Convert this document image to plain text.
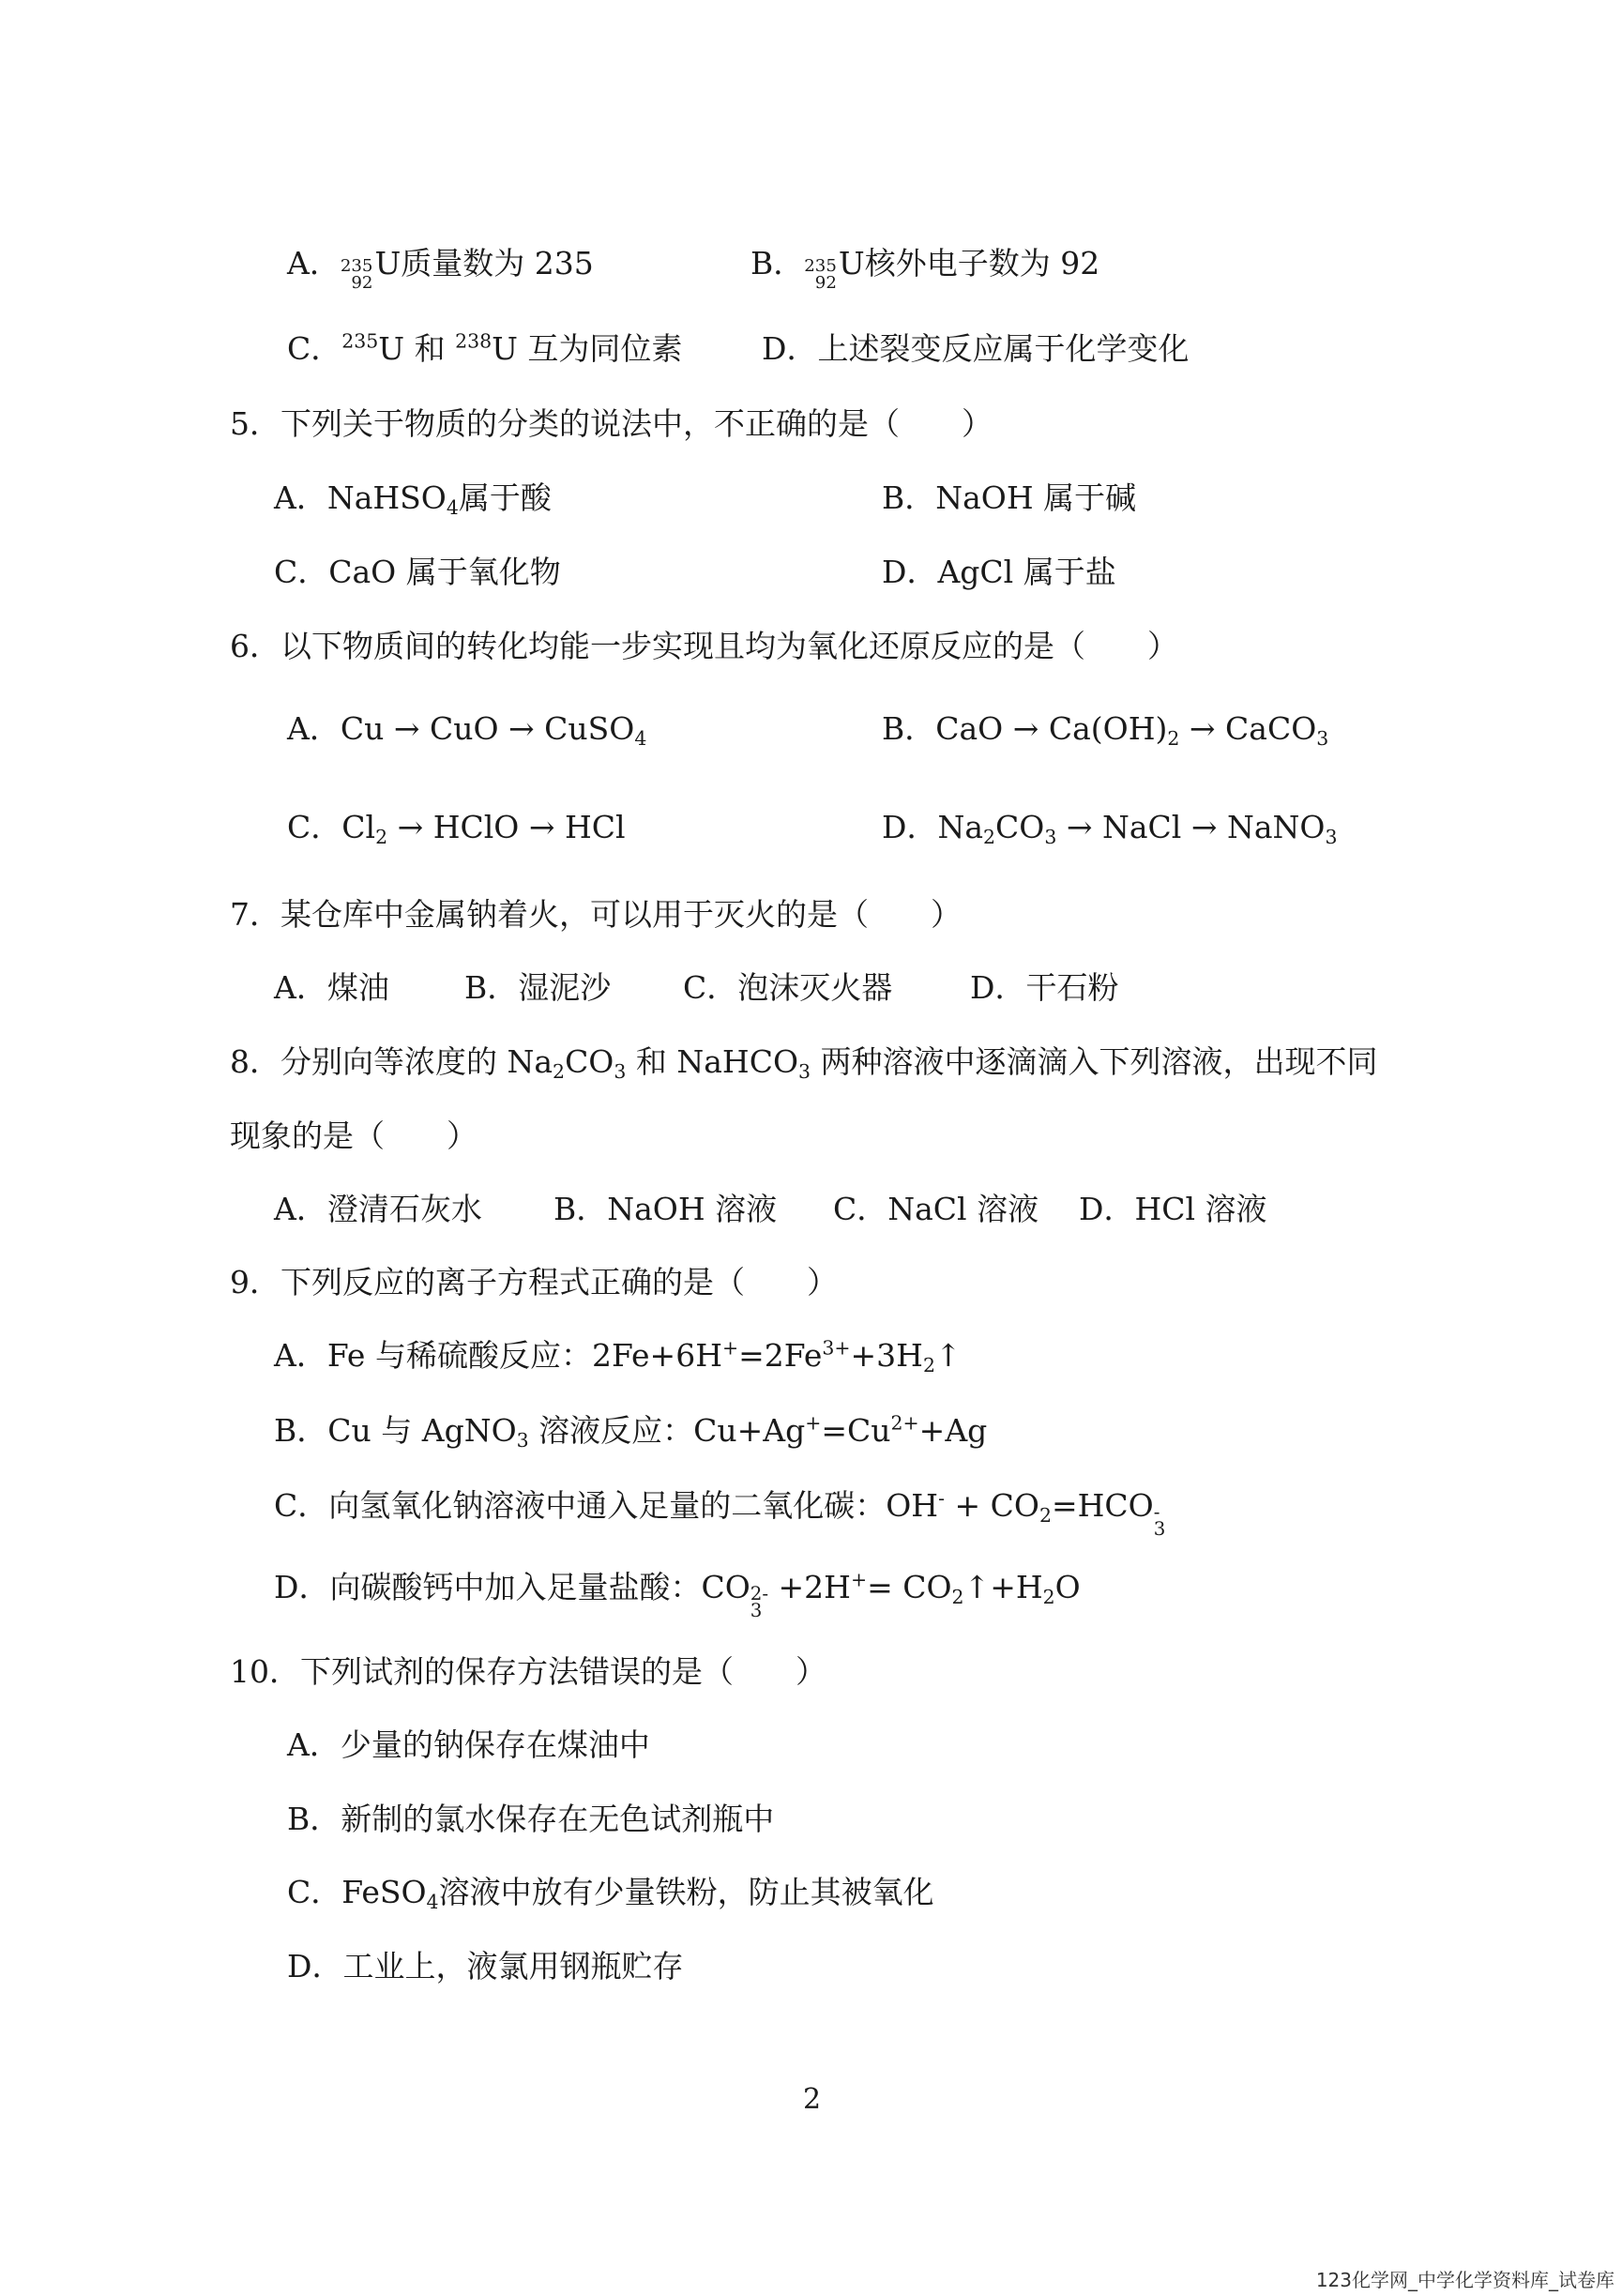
A． 235
92
U质量数为 235	B． 235
92
U核外电子数为 92
C．$^{235}$U 和 $^{238}$U 互为同位素	D．上述裂变反应属于化学变化
5．下列关于物质的分类的说法中，不正确的是（　　）
A．NaHSO$_4$属于酸	B．NaOH 属于碱
C．CaO 属于氧化物	D．AgCl 属于盐
6．以下物质间的转化均能一步实现且均为氧化还原反应的是（　　）
A．Cu → CuO → CuSO$_4$	B．CaO → $Ca(OH)_2$ → CaCO$_3$
C．$Cl_2$ → HClO → HCl	D．$Na_2CO_3$ → NaCl → NaNO$_3$
7．某仓库中金属钠着火，可以用于灭火的是（　　）
A．煤油 B．湿泥沙 C．泡沫灭火器	D．干石粉
8．分别向等浓度的 $Na_2CO_3$ 和 NaHCO$_3$ 两种溶液中逐滴滴入下列溶液，出现不同
现象的是（　　）
A．澄清石灰水 B．NaOH 溶液 C．NaCl 溶液 D．HCl 溶液
9．下列反应的离子方程式正确的是（　　）
A．Fe 与稀硫酸反应：$2Fe+6H^+=2Fe^{3+}+3H_2↑$
B．Cu 与 AgNO$_3$ 溶液反应：$Cu+Ag^+=Cu^{2+}+Ag$
C．向氢氧化钠溶液中通入足量的二氧化碳：$OH^- + CO_2=HCO$ -
3
D．向碳酸钙中加入足量盐酸：CO 2-
3
$+2H^+= CO_2↑+H_2O$
10．下列试剂的保存方法错误的是（　　）
A．少量的钠保存在煤油中
B．新制的氯水保存在无色试剂瓶中
C．FeSO$_4$溶液中放有少量铁粉，防止其被氧化
D．工业上，液氯用钢瓶贮存
2
123化学网_中学化学资料库_试卷库
